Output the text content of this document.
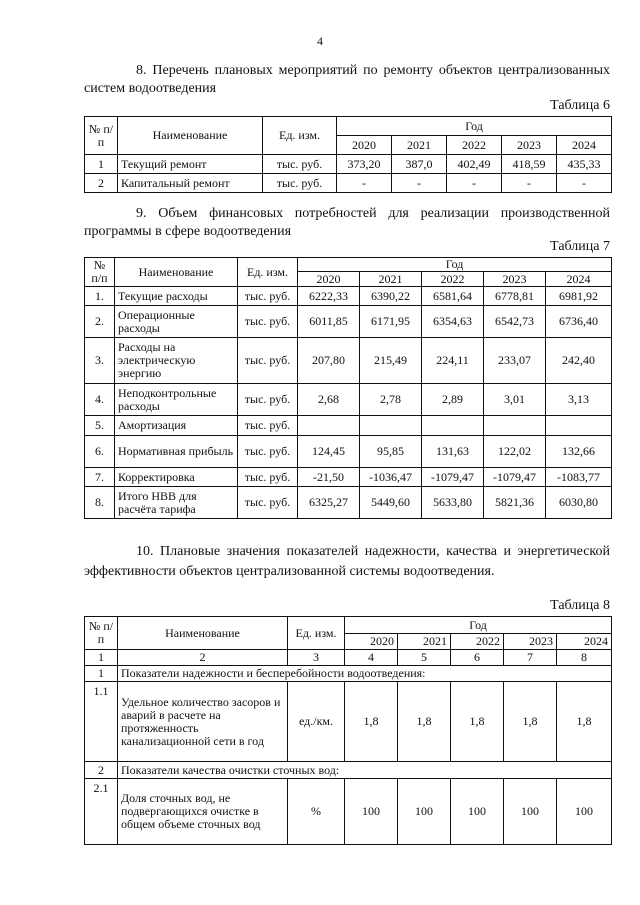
4
8. Перечень плановых мероприятий по ремонту объектов централизованных систем водоотведения
Таблица 6
№ п/п	Наименование	Ед. изм.	Год				
			2020	2021	2022	2023	2024
1	Текущий ремонт	тыс. руб.	373,20	387,0	402,49	418,59	435,33
2	Капитальный ремонт	тыс. руб.	-	-	-	-	-
9. Объем финансовых потребностей для реализации производственной программы в сфере водоотведения
Таблица 7
№ п/п	Наименование	Ед. изм.	Год				
			2020	2021	2022	2023	2024
1.	Текущие расходы	тыс. руб.	6222,33	6390,22	6581,64	6778,81	6981,92
2.	Операционные расходы	тыс. руб.	6011,85	6171,95	6354,63	6542,73	6736,40
3.	Расходы на электрическую энергию	тыс. руб.	207,80	215,49	224,11	233,07	242,40
4.	Неподконтрольные расходы	тыс. руб.	2,68	2,78	2,89	3,01	3,13
5.	Амортизация	тыс. руб.					
6.	Нормативная прибыль	тыс. руб.	124,45	95,85	131,63	122,02	132,66
7.	Корректировка	тыс. руб.	-21,50	-1036,47	-1079,47	-1079,47	-1083,77
8.	Итого НВВ для расчёта тарифа	тыс. руб.	6325,27	5449,60	5633,80	5821,36	6030,80
10. Плановые значения показателей надежности, качества и энергетической эффективности объектов централизованной системы водоотведения.
Таблица 8
№ п/п	Наименование	Ед. изм.	Год				
			2020	2021	2022	2023	2024
1	2	3	4	5	6	7	8
1	Показатели надежности и бесперебойности водоотведения:						
1.1	Удельное количество засоров и аварий в расчете на протяженность канализационной сети в год	ед./км.	1,8	1,8	1,8	1,8	1,8
2	Показатели качества очистки сточных вод:						
2.1	Доля сточных вод, не подвергающихся очистке в общем объеме сточных вод	%	100	100	100	100	100
